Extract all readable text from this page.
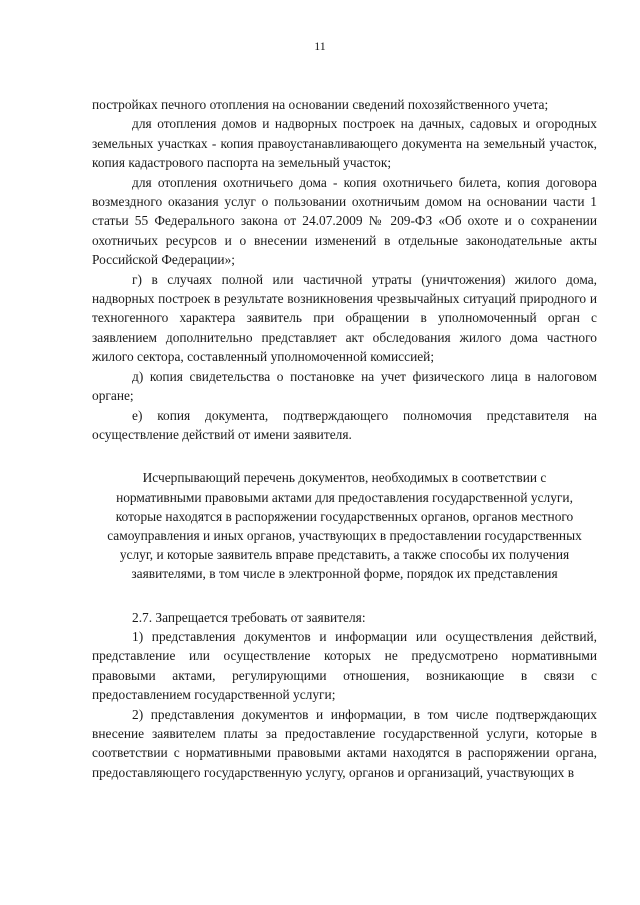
11

постройках печного отопления на основании сведений похозяйственного учета;

для отопления домов и надворных построек на дачных, садовых и огородных земельных участках - копия правоустанавливающего документа на земельный участок, копия кадастрового паспорта на земельный участок;

для отопления охотничьего дома - копия охотничьего билета, копия договора возмездного оказания услуг о пользовании охотничьим домом на основании части 1 статьи 55 Федерального закона от 24.07.2009 № 209-ФЗ «Об охоте и о сохранении охотничьих ресурсов и о внесении изменений в отдельные законодательные акты Российской Федерации»;

г) в случаях полной или частичной утраты (уничтожения) жилого дома, надворных построек в результате возникновения чрезвычайных ситуаций природного и техногенного характера заявитель при обращении в уполномоченный орган с заявлением дополнительно представляет акт обследования жилого дома частного жилого сектора, составленный уполномоченной комиссией;

д) копия свидетельства о постановке на учет физического лица в налоговом органе;

е) копия документа, подтверждающего полномочия представителя на осуществление действий от имени заявителя.

Исчерпывающий перечень документов, необходимых в соответствии с нормативными правовыми актами для предоставления государственной услуги, которые находятся в распоряжении государственных органов, органов местного самоуправления и иных органов, участвующих в предоставлении государственных услуг, и которые заявитель вправе представить, а также способы их получения заявителями, в том числе в электронной форме, порядок их представления

2.7. Запрещается требовать от заявителя:

1) представления документов и информации или осуществления действий, представление или осуществление которых не предусмотрено нормативными правовыми актами, регулирующими отношения, возникающие в связи с предоставлением государственной услуги;

2) представления документов и информации, в том числе подтверждающих внесение заявителем платы за предоставление государственной услуги, которые в соответствии с нормативными правовыми актами находятся в распоряжении органа, предоставляющего государственную услугу, органов и организаций, участвующих в
